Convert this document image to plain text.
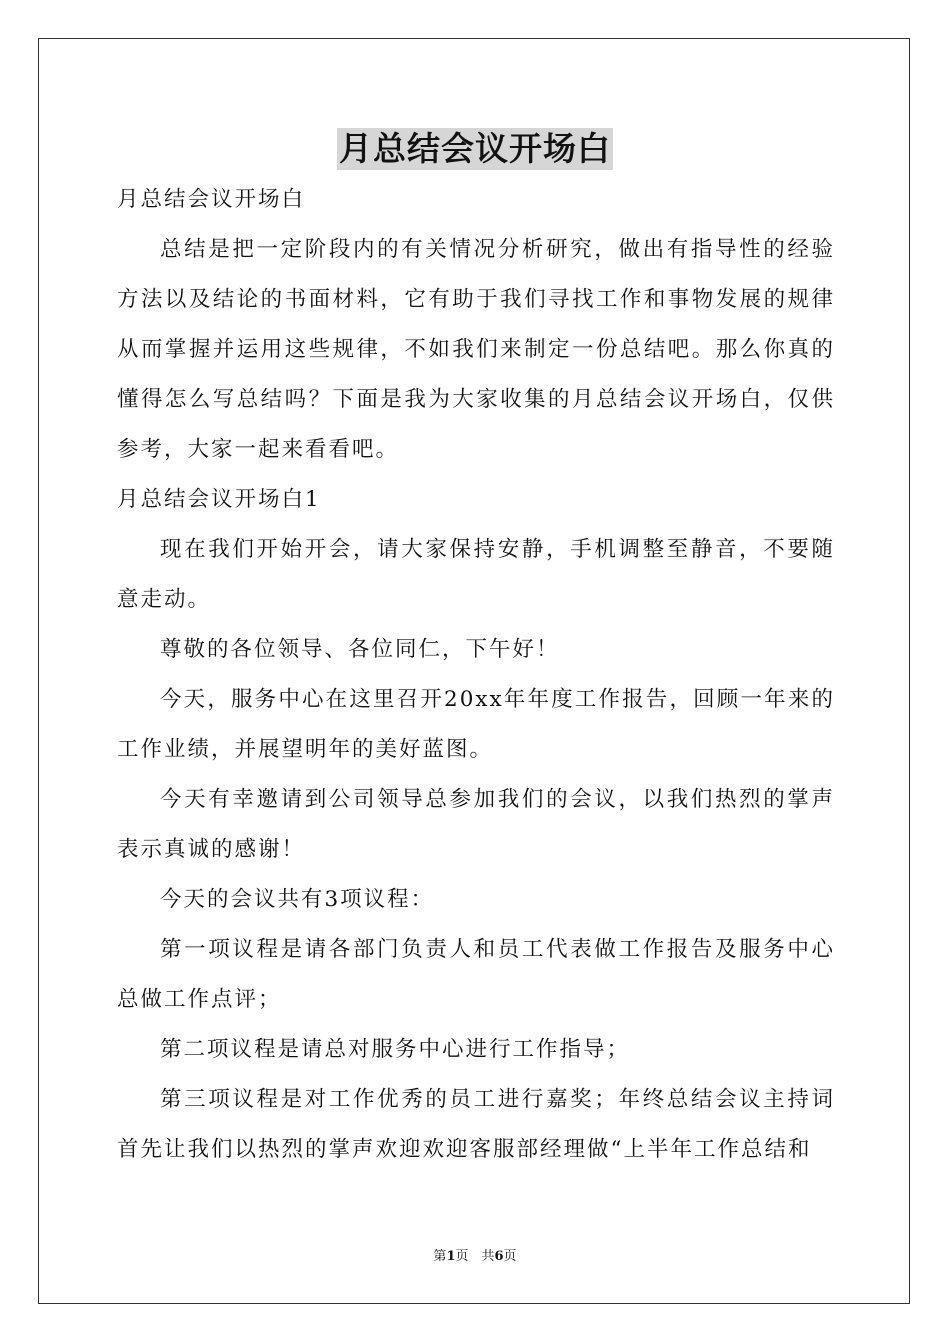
月总结会议开场白

月总结会议开场白

总结是把一定阶段内的有关情况分析研究，做出有指导性的经验方法以及结论的书面材料，它有助于我们寻找工作和事物发展的规律从而掌握并运用这些规律，不如我们来制定一份总结吧。那么你真的懂得怎么写总结吗？下面是我为大家收集的月总结会议开场白，仅供参考，大家一起来看看吧。

月总结会议开场白1

现在我们开始开会，请大家保持安静，手机调整至静音，不要随意走动。

尊敬的各位领导、各位同仁，下午好！

今天，服务中心在这里召开20xx年年度工作报告，回顾一年来的工作业绩，并展望明年的美好蓝图。

今天有幸邀请到公司领导总参加我们的会议，以我们热烈的掌声表示真诚的感谢！

今天的会议共有3项议程：

第一项议程是请各部门负责人和员工代表做工作报告及服务中心总做工作点评；

第二项议程是请总对服务中心进行工作指导；

第三项议程是对工作优秀的员工进行嘉奖；年终总结会议主持词首先让我们以热烈的掌声欢迎欢迎客服部经理做“上半年工作总结和

第1页　共6页
